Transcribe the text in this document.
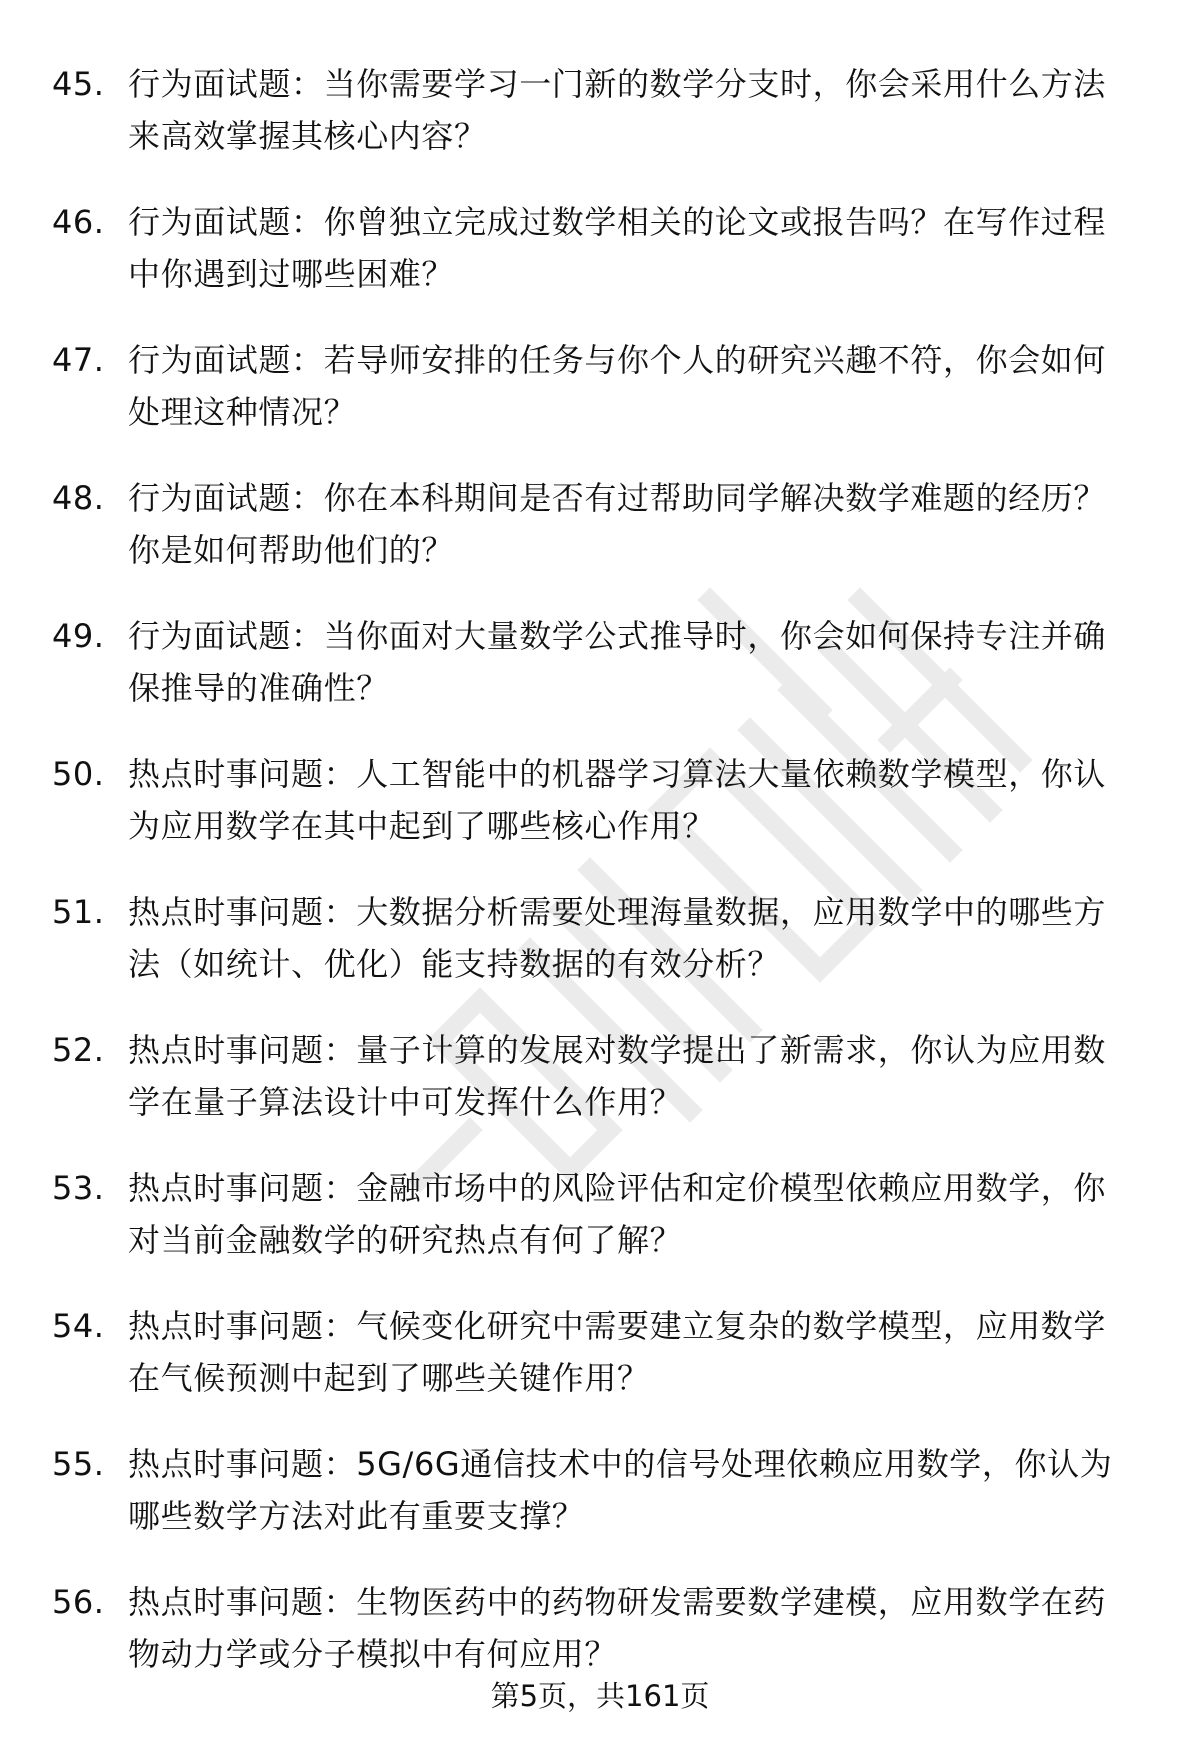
45. 行为面试题：当你需要学习一门新的数学分支时，你会采用什么方法来高效掌握其核心内容？
46. 行为面试题：你曾独立完成过数学相关的论文或报告吗？在写作过程中你遇到过哪些困难？
47. 行为面试题：若导师安排的任务与你个人的研究兴趣不符，你会如何处理这种情况？
48. 行为面试题：你在本科期间是否有过帮助同学解决数学难题的经历？你是如何帮助他们的？
49. 行为面试题：当你面对大量数学公式推导时，你会如何保持专注并确保推导的准确性？
50. 热点时事问题：人工智能中的机器学习算法大量依赖数学模型，你认为应用数学在其中起到了哪些核心作用？
51. 热点时事问题：大数据分析需要处理海量数据，应用数学中的哪些方法（如统计、优化）能支持数据的有效分析？
52. 热点时事问题：量子计算的发展对数学提出了新需求，你认为应用数学在量子算法设计中可发挥什么作用？
53. 热点时事问题：金融市场中的风险评估和定价模型依赖应用数学，你对当前金融数学的研究热点有何了解？
54. 热点时事问题：气候变化研究中需要建立复杂的数学模型，应用数学在气候预测中起到了哪些关键作用？
55. 热点时事问题：5G/6G通信技术中的信号处理依赖应用数学，你认为哪些数学方法对此有重要支撑？
56. 热点时事问题：生物医药中的药物研发需要数学建模，应用数学在药物动力学或分子模拟中有何应用？
第5页，共161页
